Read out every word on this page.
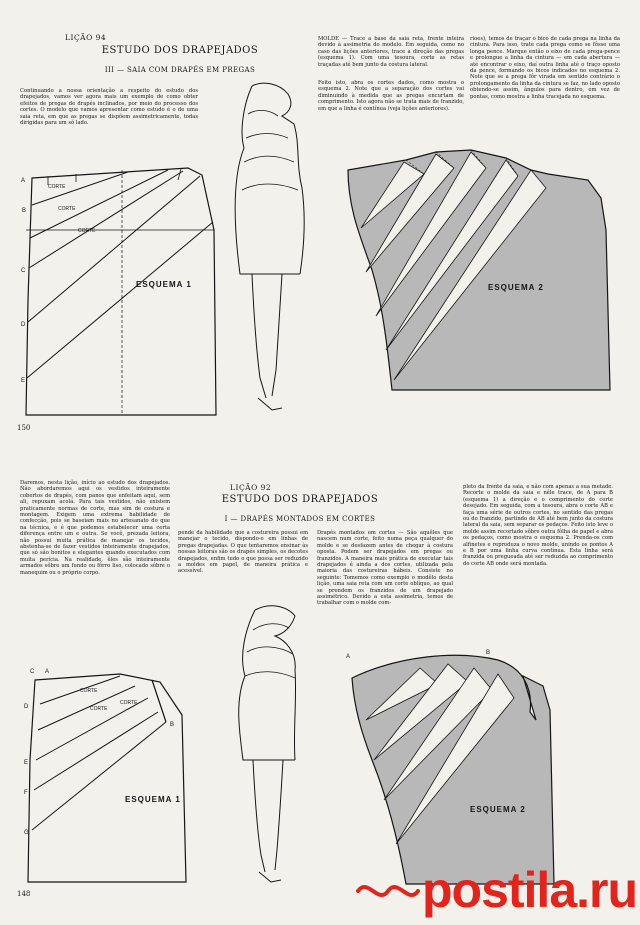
LIÇÃO 94
ESTUDO DOS DRAPEJADOS
III — SAIA COM DRAPÉS EM PREGAS
Continuando a nossa orientação a respeito do estudo dos drapejados, vamos ver agora mais um exemplo de como obter efeitos de pregas de drapés inclinados, por meio do processo dos cortes. O modelo que vamos apresentar como estudo é o de uma saia reta, em que as pregas se dispõem assimetricamente, todas dirigidas para um só lado.
MOLDE — Trace a base da saia reta, frente inteira devido à assimetria do modelo. Em seguida, como no caso das lições anteriores, trace a direção das pregas (esquema 1). Com uma tesoura, corte as retas traçadas até bem junto da costura lateral.
Feito isto, abra os cortes dados, como mostra o esquema 2. Note que a separação dos cortes vai diminuindo à medida que as pregas encurtam de comprimento. Isto agora não se trata mais de franzido, em que a linha é contínua (veja lições anteriores).
rioes), temos de traçar o bico de cada prega na linha da cintura. Para isso, trate cada prega como se fôsse uma longa pence. Marque então o eixo de cada prega-pence e prolongue a linha da cintura — em cada abertura — até encontrar o eixo, daí outra linha até o traço oposto da pence, formando os bicos indicados no esquema 2. Note que se a prega fôr virada em sentido contrário o prolongamento da linha da cintura se faz, no lado oposto obtendo-se assim, ângulos para dentro, em vez de pontas, como mostra a linha tracejada no esquema.
150
CORTE
CORTE
CORTE
A
B
C
D
E
ESQUEMA 1	ESQUEMA 2
Daremos, nesta lição, início ao estudo dos drapejados. Não abordaremos aqui os vestidos inteiramente cobertos de drapés, com panos que enfeitam aqui, sem ali, repuxam acolá. Para tais vestidos, não existem praticamente normas de corte, mas sim de costura e montagem. Exigem uma extrema habilidade de confecção, pois se baseiam mais no artesanato do que na técnica, e é que podemos estabelecer uma certa diferença entre um e outra. Se você, prezada leitora, não possui muita prática de manejar os tecidos, abstenha-se de fazer vestidos inteiramente drapejados, que só são bonitos e elegantes quando executados com muita perícia. Na realidade, êles são inteiramente armados sôbre um fundo ou fôrro liso, colocado sôbre o manequim ou o próprio corpo.
LIÇÃO 92
ESTUDO DOS DRAPEJADOS
I — DRAPÉS MONTADOS EM CORTES
pende da habilidade que a costureira possui em manejar o tecido, dispondo-o em linhas de pregas drapejadas. O que tentaremos ensinar às nossas leitoras são os drapés simples, os decotes drapejados, enfim tudo o que possa ser reduzido a moldes em papel, de maneira prática e acessível.
Drapés montados em cortes — São aquêles que nascem num corte, feito numa peça qualquer do molde e se desfazem antes de chegar à costura oposta. Podem ser drapejados em pregas ou franzidos. A maneira mais prática de executar tais drapejados é ainda a dos cortes, utilizada pela maioria das costureiras hábeis. Consiste no seguinte: Tomemos como exemplo o modêlo desta lição, uma saia reta com um corte oblíquo, ao qual se prendem os franzidos de um drapejado assimétrico. Devido a esta assimetria, temos de trabalhar com o molde com-
pleto da frente da saia, e não com apenas a sua metade. Recorte o molde da saia e nêle trace, de A para B (esquema 1) a direção e o comprimento do corte desejado. Em seguida, com a tesoura, abra o corte AB e faça uma série de outros cortes, no sentido das pregas ou do franzido, partindo de AB até bem junto da costura lateral da saia, sem separar os pedaços. Feito isto leve o molde assim recortado sôbre outra fôlha de papel e abra os pedaços, como mostra o esquema 2. Prenda-os com alfinetes e reproduza o novo molde, unindo os pontos A e B por uma linha curva contínua. Esta linha será franzida ou pregueada até ser reduzida ao comprimento do corte AB onde será montada.
148
CORTE
CORTE
CORTE
A
B
C
D
E
F
G
ESQUEMA 1
A
B
ESQUEMA 2
postila.ru
